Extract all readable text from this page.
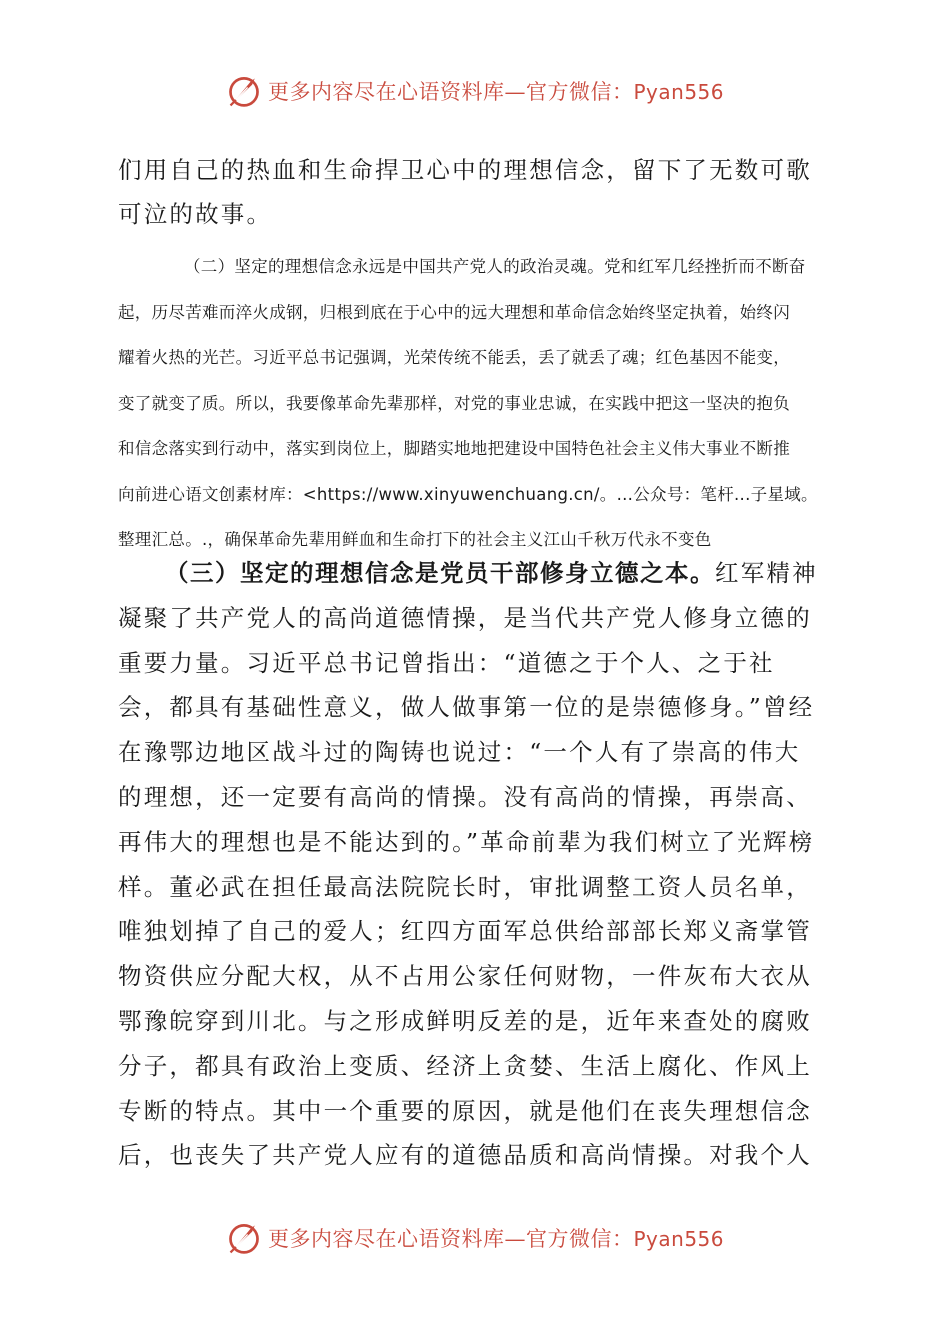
更多内容尽在心语资料库—官方微信：Pyan556

们用自己的热血和生命捍卫心中的理想信念，留下了无数可歌

可泣的故事。

（二）坚定的理想信念永远是中国共产党人的政治灵魂。党和红军几经挫折而不断奋
起，历尽苦难而淬火成钢，归根到底在于心中的远大理想和革命信念始终坚定执着，始终闪
耀着火热的光芒。习近平总书记强调，光荣传统不能丢，丢了就丢了魂；红色基因不能变，
变了就变了质。所以，我要像革命先辈那样，对党的事业忠诚，在实践中把这一坚决的抱负
和信念落实到行动中，落实到岗位上，脚踏实地地把建设中国特色社会主义伟大事业不断推
向前进心语文创素材库：<https://www.xinyuwenchuang.cn/。...公众号：笔杆...子星域。
整理汇总。.，确保革命先辈用鲜血和生命打下的社会主义江山千秋万代永不变色

（三）坚定的理想信念是党员干部修身立德之本。红军精神凝聚了共产党人的高尚道德情操，是当代共产党人修身立德的重要力量。习近平总书记曾指出：“道德之于个人、之于社会，都具有基础性意义，做人做事第一位的是崇德修身。”曾经在豫鄂边地区战斗过的陶铸也说过：“一个人有了崇高的伟大的理想，还一定要有高尚的情操。没有高尚的情操，再崇高、再伟大的理想也是不能达到的。”革命前辈为我们树立了光辉榜样。董必武在担任最高法院院长时，审批调整工资人员名单，唯独划掉了自己的爱人；红四方面军总供给部部长郑义斋掌管物资供应分配大权，从不占用公家任何财物，一件灰布大衣从鄂豫皖穿到川北。与之形成鲜明反差的是，近年来查处的腐败分子，都具有政治上变质、经济上贪婪、生活上腐化、作风上专断的特点。其中一个重要的原因，就是他们在丧失理想信念后，也丧失了共产党人应有的道德品质和高尚情操。对我个人

更多内容尽在心语资料库—官方微信：Pyan556
